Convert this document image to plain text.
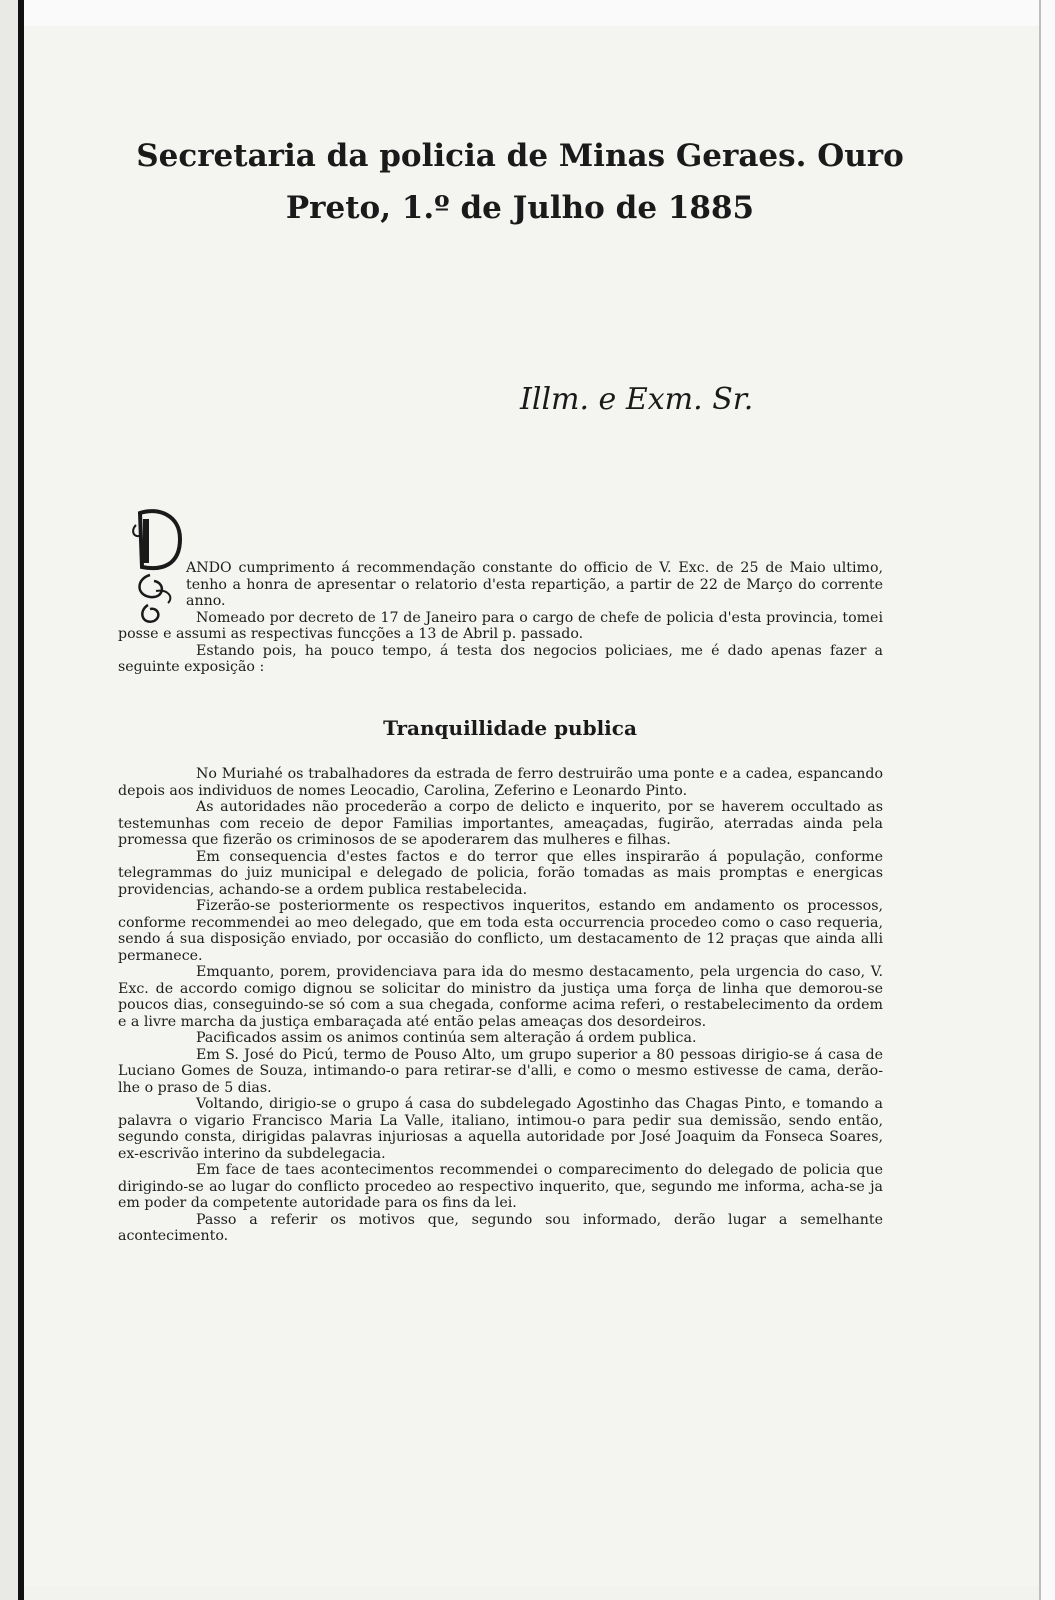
Secretaria da policia de Minas Geraes. Ouro
Preto, 1.º de Julho de 1885
Illm. e Exm. Sr.

ANDO cumprimento á recommendação constante do officio de V. Exc. de 25 de Maio ultimo, tenho a honra de apresentar o relatorio d'esta repartição, a partir de 22 de Março do corrente anno.

Nomeado por decreto de 17 de Janeiro para o cargo de chefe de policia d'esta provincia, tomei posse e assumi as respectivas funcções a 13 de Abril p. passado.

Estando pois, ha pouco tempo, á testa dos negocios policiaes, me é dado apenas fazer a seguinte exposição :

Tranquillidade publica

No Muriahé os trabalhadores da estrada de ferro destruirão uma ponte e a cadea, espancando depois aos individuos de nomes Leocadio, Carolina, Zeferino e Leonardo Pinto.

As autoridades não procederão a corpo de delicto e inquerito, por se haverem occultado as testemunhas com receio de depor Familias importantes, ameaçadas, fugirão, aterradas ainda pela promessa que fizerão os criminosos de se apoderarem das mulheres e filhas.

Em consequencia d'estes factos e do terror que elles inspirarão á população, conforme telegrammas do juiz municipal e delegado de policia, forão tomadas as mais promptas e energicas providencias, achando-se a ordem publica restabelecida.

Fizerão-se posteriormente os respectivos inqueritos, estando em andamento os processos, conforme recommendei ao meo delegado, que em toda esta occurrencia procedeo como o caso requeria, sendo á sua disposição enviado, por occasião do conflicto, um destacamento de 12 praças que ainda alli permanece.

Emquanto, porem, providenciava para ida do mesmo destacamento, pela urgencia do caso, V. Exc. de accordo comigo dignou se solicitar do ministro da justiça uma força de linha que demorou-se poucos dias, conseguindo-se só com a sua chegada, conforme acima referi, o restabelecimento da ordem e a livre marcha da justiça embaraçada até então pelas ameaças dos desordeiros.

Pacificados assim os animos continúa sem alteração á ordem publica.

Em S. José do Picú, termo de Pouso Alto, um grupo superior a 80 pessoas dirigio-se á casa de Luciano Gomes de Souza, intimando-o para retirar-se d'alli, e como o mesmo estivesse de cama, derão-lhe o praso de 5 dias.

Voltando, dirigio-se o grupo á casa do subdelegado Agostinho das Chagas Pinto, e tomando a palavra o vigario Francisco Maria La Valle, italiano, intimou-o para pedir sua demissão, sendo então, segundo consta, dirigidas palavras injuriosas a aquella autoridade por José Joaquim da Fonseca Soares, ex-escrivão interino da subdelegacia.

Em face de taes acontecimentos recommendei o comparecimento do delegado de policia que dirigindo-se ao lugar do conflicto procedeo ao respectivo inquerito, que, segundo me informa, acha-se ja em poder da competente autoridade para os fins da lei.

Passo a referir os motivos que, segundo sou informado, derão lugar a semelhante acontecimento.
